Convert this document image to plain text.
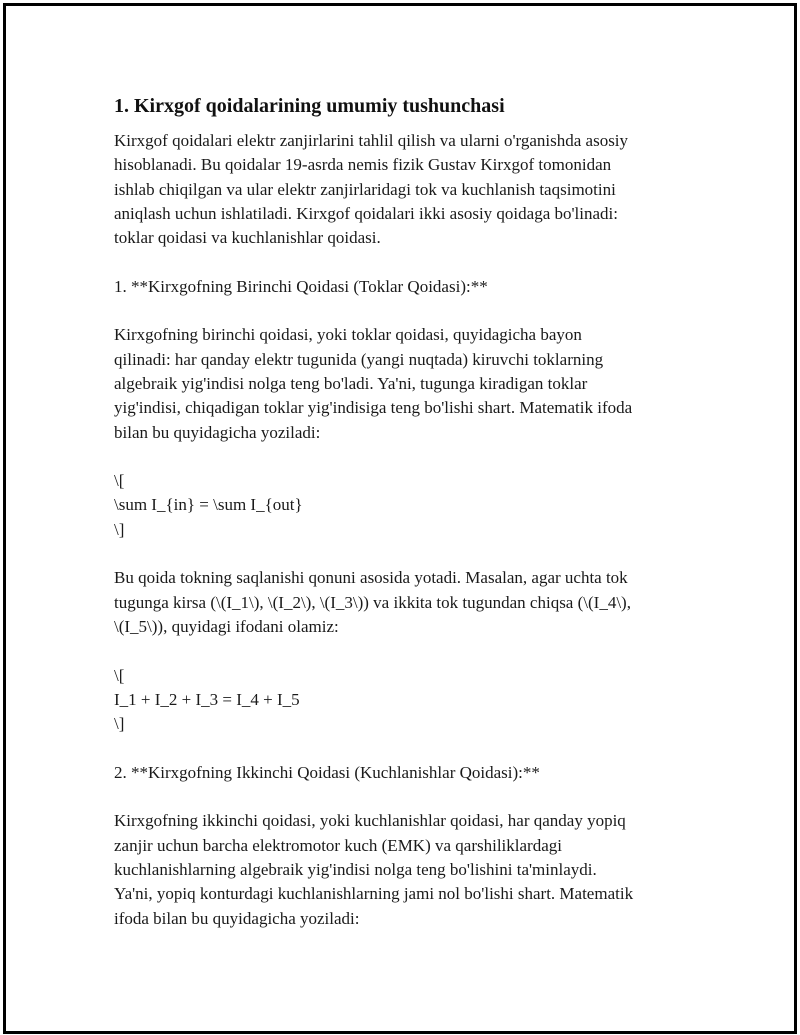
1. Kirxgof qoidalarining umumiy tushunchasi

Kirxgof qoidalari elektr zanjirlarini tahlil qilish va ularni o'rganishda asosiy
hisoblanadi. Bu qoidalar 19-asrda nemis fizik Gustav Kirxgof tomonidan
ishlab chiqilgan va ular elektr zanjirlaridagi tok va kuchlanish taqsimotini
aniqlash uchun ishlatiladi. Kirxgof qoidalari ikki asosiy qoidaga bo'linadi:
toklar qoidasi va kuchlanishlar qoidasi.

1. **Kirxgofning Birinchi Qoidasi (Toklar Qoidasi):**

Kirxgofning birinchi qoidasi, yoki toklar qoidasi, quyidagicha bayon
qilinadi: har qanday elektr tugunida (yangi nuqtada) kiruvchi toklarning
algebraik yig'indisi nolga teng bo'ladi. Ya'ni, tugunga kiradigan toklar
yig'indisi, chiqadigan toklar yig'indisiga teng bo'lishi shart. Matematik ifoda
bilan bu quyidagicha yoziladi:

\[
\sum I_{in} = \sum I_{out}
\]

Bu qoida tokning saqlanishi qonuni asosida yotadi. Masalan, agar uchta tok
tugunga kirsa (\(I_1\), \(I_2\), \(I_3\)) va ikkita tok tugundan chiqsa (\(I_4\),
\(I_5\)), quyidagi ifodani olamiz:

\[
I_1 + I_2 + I_3 = I_4 + I_5
\]

2. **Kirxgofning Ikkinchi Qoidasi (Kuchlanishlar Qoidasi):**

Kirxgofning ikkinchi qoidasi, yoki kuchlanishlar qoidasi, har qanday yopiq
zanjir uchun barcha elektromotor kuch (EMK) va qarshiliklardagi
kuchlanishlarning algebraik yig'indisi nolga teng bo'lishini ta'minlaydi.
Ya'ni, yopiq konturdagi kuchlanishlarning jami nol bo'lishi shart. Matematik
ifoda bilan bu quyidagicha yoziladi:
